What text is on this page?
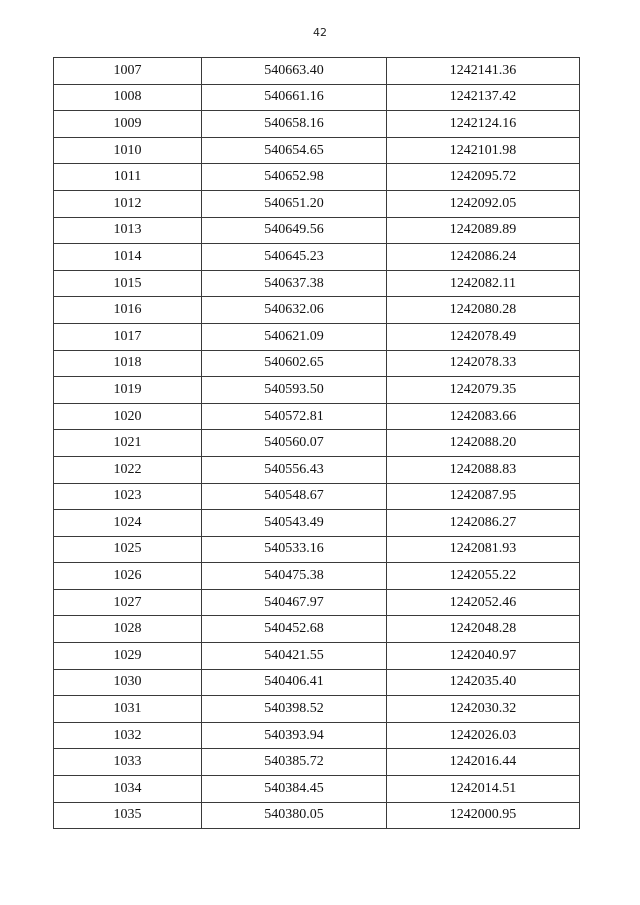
42
1007	540663.40	1242141.36
1008	540661.16	1242137.42
1009	540658.16	1242124.16
1010	540654.65	1242101.98
1011	540652.98	1242095.72
1012	540651.20	1242092.05
1013	540649.56	1242089.89
1014	540645.23	1242086.24
1015	540637.38	1242082.11
1016	540632.06	1242080.28
1017	540621.09	1242078.49
1018	540602.65	1242078.33
1019	540593.50	1242079.35
1020	540572.81	1242083.66
1021	540560.07	1242088.20
1022	540556.43	1242088.83
1023	540548.67	1242087.95
1024	540543.49	1242086.27
1025	540533.16	1242081.93
1026	540475.38	1242055.22
1027	540467.97	1242052.46
1028	540452.68	1242048.28
1029	540421.55	1242040.97
1030	540406.41	1242035.40
1031	540398.52	1242030.32
1032	540393.94	1242026.03
1033	540385.72	1242016.44
1034	540384.45	1242014.51
1035	540380.05	1242000.95
